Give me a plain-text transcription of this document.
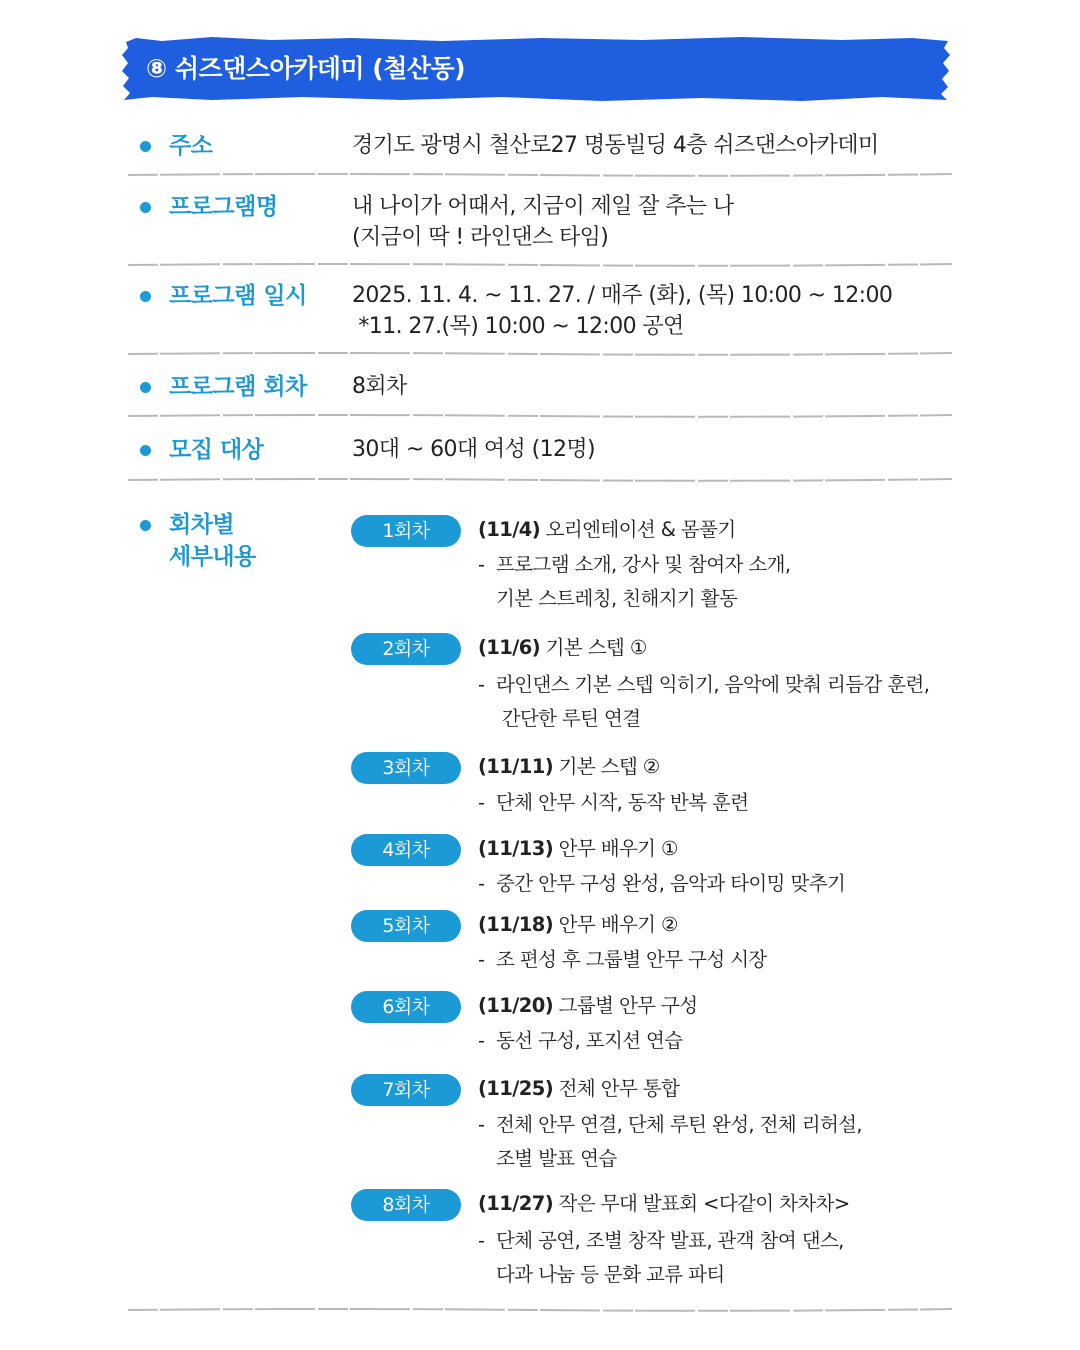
⑧ 쉬즈댄스아카데미 (철산동)
주소	경기도 광명시 철산로27 명동빌딩 4층 쉬즈댄스아카데미
프로그램명	내 나이가 어때서, 지금이 제일 잘 추는 나
(지금이 딱 ! 라인댄스 타임)
프로그램 일시 2025. 11. 4. ~ 11. 27. / 매주 (화), (목) 10:00 ~ 12:00
*11. 27.(목) 10:00 ~ 12:00 공연
프로그램 회차 8회차
모집 대상	30대 ~ 60대 여성 (12명)
회차별
세부내용
1회차	(11/4) 오리엔테이션 & 몸풀기
- 프로그램 소개, 강사 및 참여자 소개,
기본 스트레칭, 친해지기 활동
2회차	(11/6) 기본 스텝 ①
- 라인댄스 기본 스텝 익히기, 음악에 맞춰 리듬감 훈련,
간단한 루틴 연결
3회차	(11/11) 기본 스텝 ②
- 단체 안무 시작, 동작 반복 훈련
4회차	(11/13) 안무 배우기 ①
- 중간 안무 구성 완성, 음악과 타이밍 맞추기
5회차	(11/18) 안무 배우기 ②
- 조 편성 후 그룹별 안무 구성 시장
6회차	(11/20) 그룹별 안무 구성
- 동선 구성, 포지션 연습
7회차	(11/25) 전체 안무 통합
- 전체 안무 연결, 단체 루틴 완성, 전체 리허설,
조별 발표 연습
8회차	(11/27) 작은 무대 발표회 <다같이 차차차>
- 단체 공연, 조별 창작 발표, 관객 참여 댄스,
다과 나눔 등 문화 교류 파티
